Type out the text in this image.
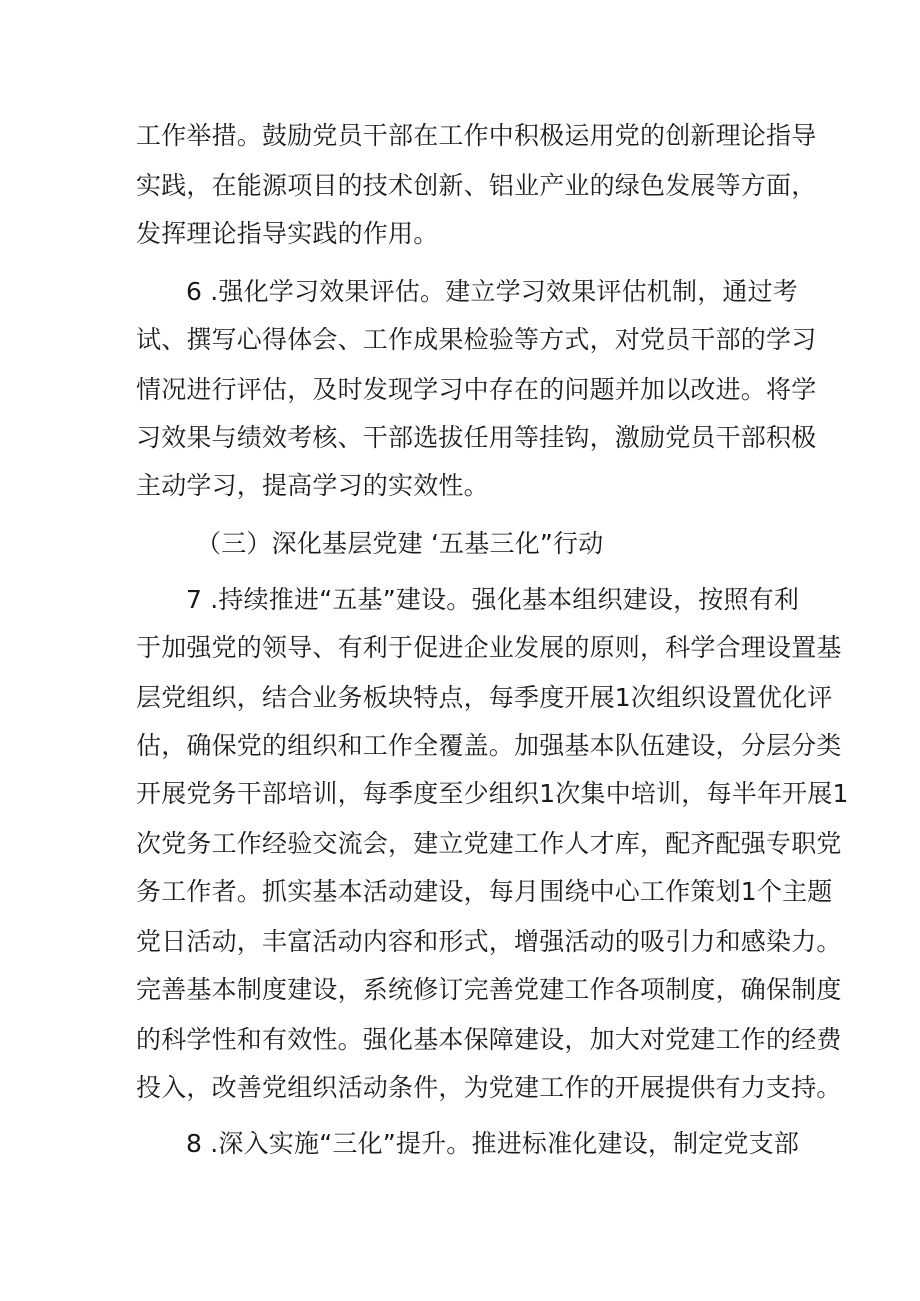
工作举措。鼓励党员干部在工作中积极运用党的创新理论指导
实践，在能源项目的技术创新、铝业产业的绿色发展等方面，
发挥理论指导实践的作用。
6 .强化学习效果评估。建立学习效果评估机制，通过考
试、撰写心得体会、工作成果检验等方式，对党员干部的学习
情况进行评估，及时发现学习中存在的问题并加以改进。将学
习效果与绩效考核、干部选拔任用等挂钩，激励党员干部积极
主动学习，提高学习的实效性。
（三）深化基层党建 ‘五基三化”行动
7 .持续推进“五基”建设。强化基本组织建设，按照有利
于加强党的领导、有利于促进企业发展的原则，科学合理设置基
层党组织，结合业务板块特点，每季度开展1次组织设置优化评
估，确保党的组织和工作全覆盖。加强基本队伍建设，分层分类
开展党务干部培训，每季度至少组织1次集中培训，每半年开展1
次党务工作经验交流会，建立党建工作人才库，配齐配强专职党
务工作者。抓实基本活动建设，每月围绕中心工作策划1个主题
党日活动，丰富活动内容和形式，增强活动的吸引力和感染力。
完善基本制度建设，系统修订完善党建工作各项制度，确保制度
的科学性和有效性。强化基本保障建设，加大对党建工作的经费
投入，改善党组织活动条件，为党建工作的开展提供有力支持。
8 .深入实施“三化”提升。推进标准化建设，制定党支部
